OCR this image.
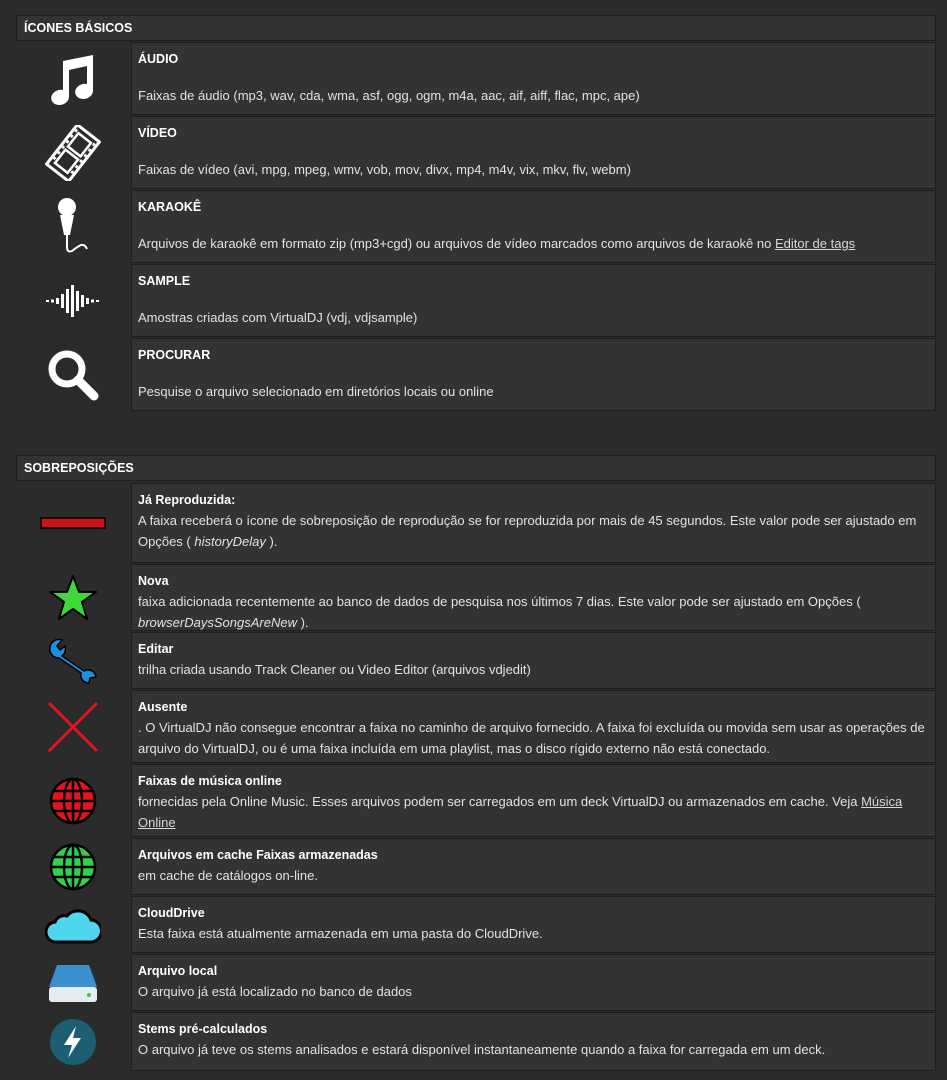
ÍCONES BÁSICOS
ÁUDIO
Faixas de áudio (mp3, wav, cda, wma, asf, ogg, ogm, m4a, aac, aif, aiff, flac, mpc, ape)
VÍDEO
Faixas de vídeo (avi, mpg, mpeg, wmv, vob, mov, divx, mp4, m4v, vix, mkv, flv, webm)
KARAOKÊ
Arquivos de karaokê em formato zip (mp3+cgd) ou arquivos de vídeo marcados como arquivos de karaokê no Editor de tags
SAMPLE
Amostras criadas com VirtualDJ (vdj, vdjsample)
PROCURAR
Pesquise o arquivo selecionado em diretórios locais ou online
SOBREPOSIÇÕES
Já Reproduzida:
A faixa receberá o ícone de sobreposição de reprodução se for reproduzida por mais de 45 segundos. Este valor pode ser ajustado em Opções ( historyDelay ).
Nova
faixa adicionada recentemente ao banco de dados de pesquisa nos últimos 7 dias. Este valor pode ser ajustado em Opções ( browserDaysSongsAreNew ).
Editar
trilha criada usando Track Cleaner ou Video Editor (arquivos vdjedit)
Ausente
. O VirtualDJ não consegue encontrar a faixa no caminho de arquivo fornecido. A faixa foi excluída ou movida sem usar as operações de arquivo do VirtualDJ, ou é uma faixa incluída em uma playlist, mas o disco rígido externo não está conectado.
Faixas de música online
fornecidas pela Online Music. Esses arquivos podem ser carregados em um deck VirtualDJ ou armazenados em cache. Veja Música Online
Arquivos em cache Faixas armazenadas
em cache de catálogos on-line.
CloudDrive
Esta faixa está atualmente armazenada em uma pasta do CloudDrive.
Arquivo local
O arquivo já está localizado no banco de dados
Stems pré-calculados
O arquivo já teve os stems analisados e estará disponível instantaneamente quando a faixa for carregada em um deck.
